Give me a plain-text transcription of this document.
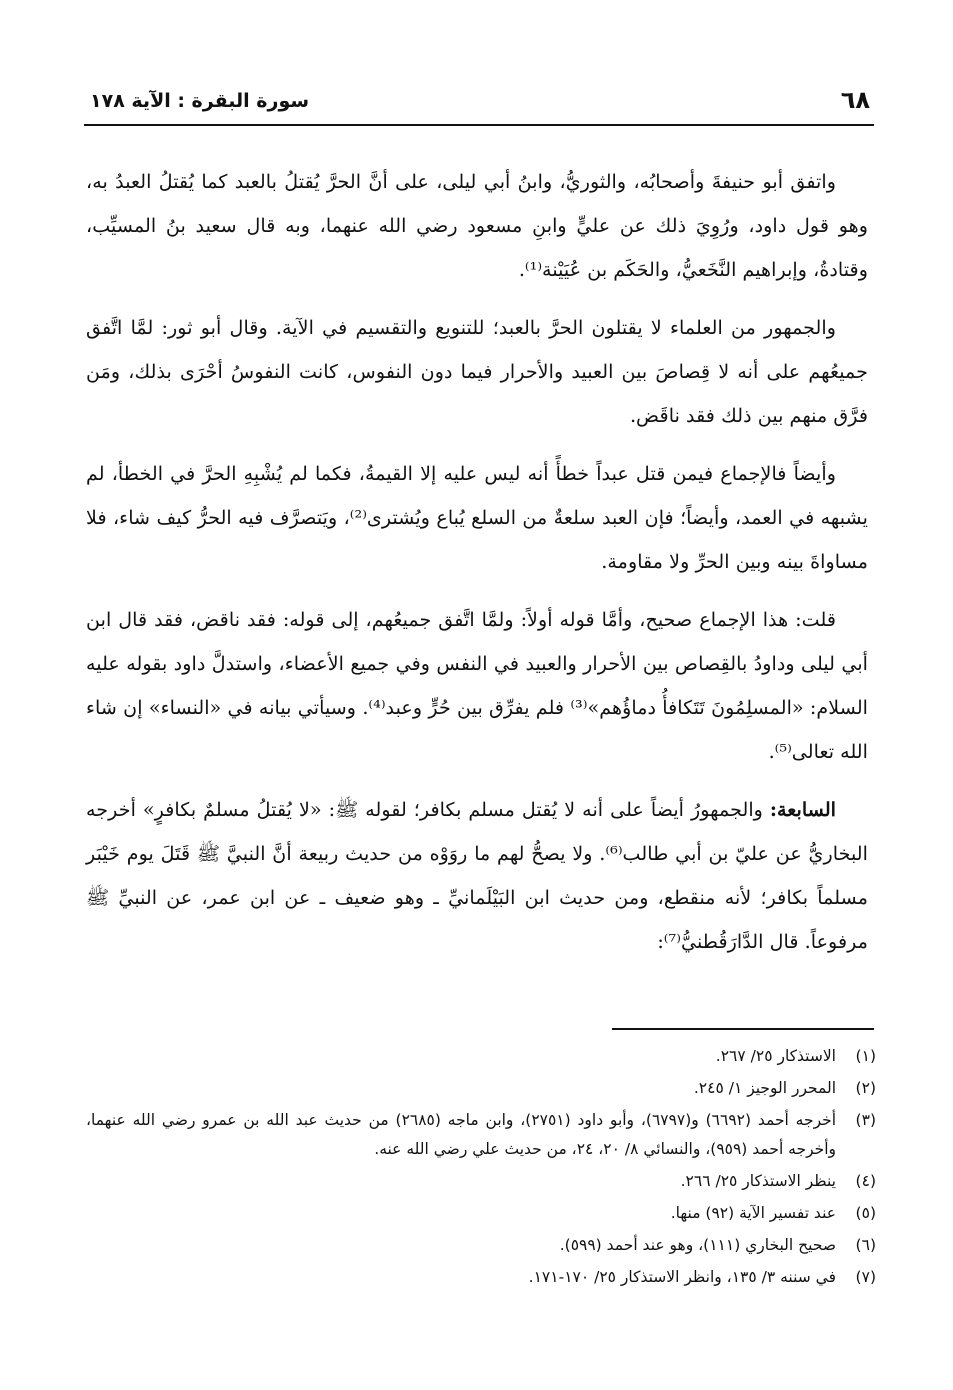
٦٨
سورة البقرة : الآية ١٧٨

واتفق أبو حنيفةَ وأصحابُه، والثوريُّ، وابنُ أبي ليلى، على أنَّ الحرَّ يُقتلُ بالعبد كما يُقتلُ العبدُ به، وهو قول داود، ورُوِيَ ذلك عن عليٍّ وابنِ مسعود رضي الله عنهما، وبه قال سعيد بنُ المسيِّب، وقتادةُ، وإبراهيم النَّخَعيُّ، والحَكَم بن عُيَيْنة⁽¹⁾.

والجمهور من العلماء لا يقتلون الحرَّ بالعبد؛ للتنويع والتقسيم في الآية. وقال أبو ثور: لمَّا اتَّفق جميعُهم على أنه لا قِصاصَ بين العبيد والأحرار فيما دون النفوس، كانت النفوسُ أحْرَى بذلك، ومَن فرَّق منهم بين ذلك فقد ناقَض.

وأيضاً فالإجماع فيمن قتل عبداً خطأً أنه ليس عليه إلا القيمةُ، فكما لم يُشْبِهِ الحرَّ في الخطأ، لم يشبهه في العمد، وأيضاً؛ فإن العبد سلعةٌ من السلع يُباع ويُشترى⁽²⁾، ويَتصرَّف فيه الحرُّ كيف شاء، فلا مساواةَ بينه وبين الحرِّ ولا مقاومة.

قلت: هذا الإجماع صحيح، وأمَّا قوله أولاً: ولمَّا اتَّفق جميعُهم، إلى قوله: فقد ناقض، فقد قال ابن أبي ليلى وداودُ بالقِصاص بين الأحرار والعبيد في النفس وفي جميع الأعضاء، واستدلَّ داود بقوله عليه السلام: «المسلِمُونَ تَتَكافأُ دماؤُهم»⁽³⁾ فلم يفرِّق بين حُرٍّ وعبد⁽⁴⁾. وسيأتي بيانه في «النساء» إن شاء الله تعالى⁽⁵⁾.

السابعة: والجمهورُ أيضاً على أنه لا يُقتل مسلم بكافر؛ لقوله ﷺ: «لا يُقتلُ مسلمٌ بكافرٍ» أخرجه البخاريُّ عن عليّ بن أبي طالب⁽⁶⁾. ولا يصحُّ لهم ما روَوْه من حديث ربيعة أنَّ النبيَّ ﷺ قَتَلَ يوم خَيْبَر مسلماً بكافر؛ لأنه منقطع، ومن حديث ابن البَيْلَمانيِّ ـ وهو ضعيف ـ عن ابن عمر، عن النبيِّ ﷺ مرفوعاً. قال الدَّارَقُطنيُّ⁽⁷⁾:

(١)
الاستذكار ٢٥/ ٢٦٧.
(٢)
المحرر الوجيز ١/ ٢٤٥.
(٣)
أخرجه أحمد (٦٦٩٢) و(٦٧٩٧)، وأبو داود (٢٧٥١)، وابن ماجه (٢٦٨٥) من حديث عبد الله بن عمرو رضي الله عنهما، وأخرجه أحمد (٩٥٩)، والنسائي ٨/ ٢٠، ٢٤، من حديث علي رضي الله عنه.
(٤)
ينظر الاستذكار ٢٥/ ٢٦٦.
(٥)
عند تفسير الآية (٩٢) منها.
(٦)
صحيح البخاري (١١١)، وهو عند أحمد (٥٩٩).
(٧)
في سننه ٣/ ١٣٥، وانظر الاستذكار ٢٥/ ١٧٠-١٧١.
